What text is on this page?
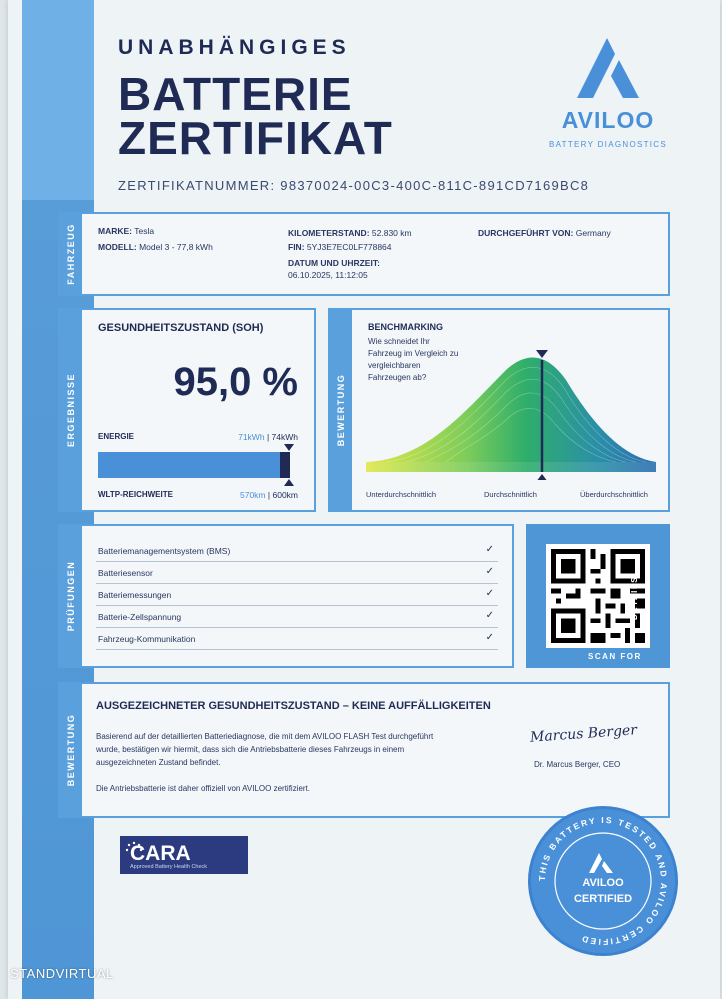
UNABHÄNGIGES
BATTERIE
ZERTIFIKAT
ZERTIFIKATNUMMER: 98370024-00C3-400C-811C-891CD7169BC8
AVILOO
BATTERY DIAGNOSTICS
FAHRZEUG	MARKE: Tesla
MODELL: Model 3 - 77,8 kWh
KILOMETERSTAND: 52.830 km
FIN: 5YJ3E7EC0LF778864
DATUM UND UHRZEIT:
06.10.2025, 11:12:05
DURCHGEFÜHRT VON: Germany
ERGEBNISSE
GESUNDHEITSZUSTAND (SOH)
95,0 %
ENERGIE	71kWh | 74kWh
WLTP-REICHWEITE	570km | 600km
BEWERTUNG
BENCHMARKING
Wie schneidet Ihr
Fahrzeug im Vergleich zu
vergleichbaren
Fahrzeugen ab?
Unterdurchschnittlich	Durchschnittlich	Überdurchschnittlich
PRÜFUNGEN
Batteriemanagementsystem (BMS)	✓
Batteriesensor	✓
Batteriemessungen	✓
Batterie-Zellspannung	✓
Fahrzeug-Kommunikation	✓
SCAN FOR
DETAILS
BEWERTUNG
AUSGEZEICHNETER GESUNDHEITSZUSTAND – KEINE AUFFÄLLIGKEITEN
Basierend auf der detaillierten Batteriediagnose, die mit dem AVILOO FLASH Test durchgeführt
wurde, bestätigen wir hiermit, dass sich die Antriebsbatterie dieses Fahrzeugs in einem
ausgezeichneten Zustand befindet.
Die Antriebsbatterie ist daher offiziell von AVILOO zertifiziert.
Marcus Berger
Dr. Marcus Berger, CEO
CARA
Approved Battery Health Check
THIS BATTERY IS TESTED AND AVILOO CERTIFIED
AVILOO
CERTIFIED
STANDVIRTUAL
